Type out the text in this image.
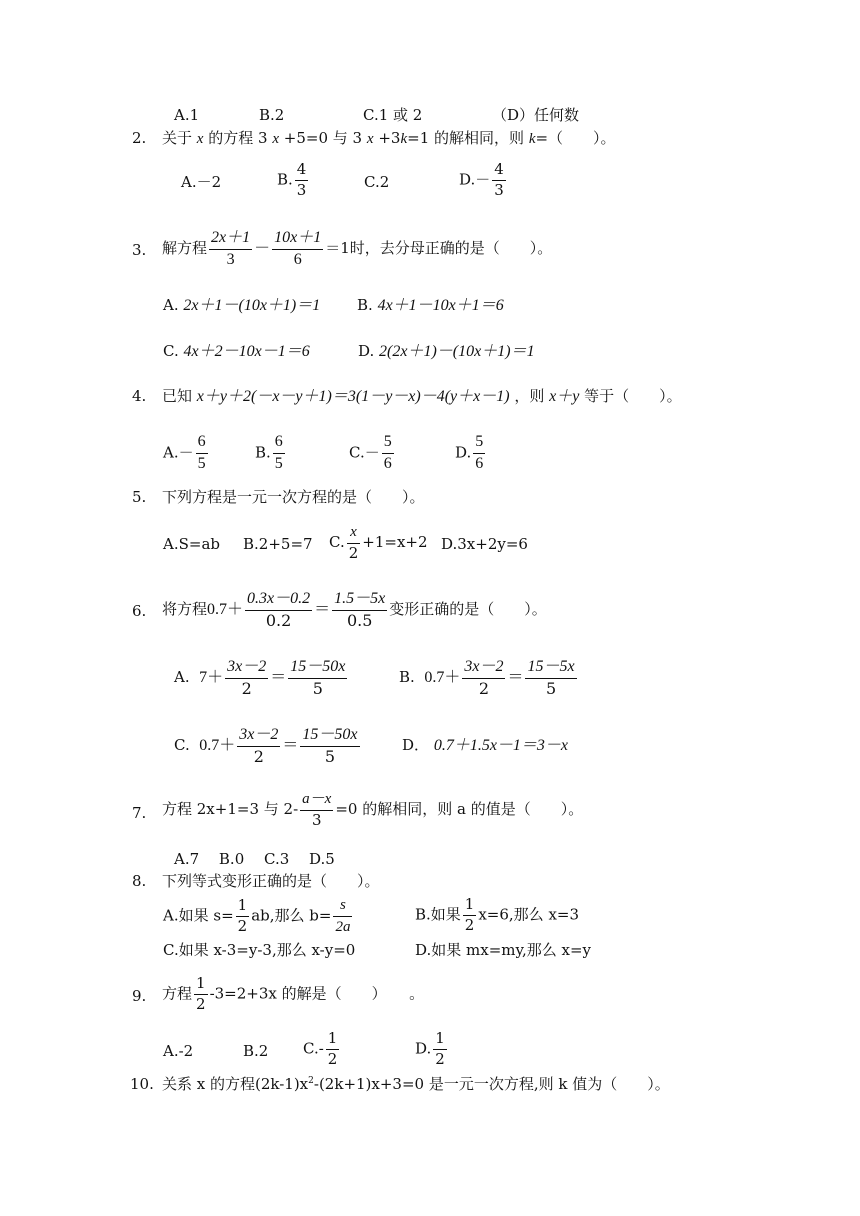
A.1	B.2	C.1 或 2	（D）任何数
2. 关于 x 的方程 3 x +5=0 与 3 x +3k=1 的解相同，则 k=（　　）。
A.－2	B. $\frac{4}{3}$	C.2	$D.- \frac{4}{3}$
3. 解方程 $\frac{2x+1}{3} - \frac{10x+1}{6} =1$时，去分母正确的是（　　）。
A. 2x＋1－(10x＋1)＝1 B. 4x＋1－10x＋1＝6
C. 4x＋2－10x－1＝6	D. 2(2x＋1)－(10x＋1)＝1
4. 已知 x＋y＋2(－x－y＋1)＝3(1－y－x)－4(y＋x－1) ，则 x＋y 等于（　　）。
$A.- \frac{6}{5}$	B. $\frac{6}{5}$	$C.- \frac{5}{6}$	D. $\frac{5}{6}$
5. 下列方程是一元一次方程的是（　　）。
A.S=ab B.2+5=7 C. $\frac{x}{2} +1=x+2$ D.3x+2y=6
6. 将方程$0.7+ \frac{0.3x-0.2}{0.2} = \frac{1.5-5x}{0.5}$ 变形正确的是（　　）。
A. $7+ \frac{3x-2}{2} = \frac{15-50x}{5}$	B. $0.7+ \frac{3x-2}{2} = \frac{15-5x}{5}$
C. $0.7+ \frac{3x-2}{2} = \frac{15-50x}{5}$	D． 0.7＋1.5x－1＝3－x
7. 方程 2x+1=3 与 $2- \frac{a-x}{3} =0$ 的解相同，则 a 的值是（　　）。
A.7　 B.0　 C.3　 D.5
8. 下列等式变形正确的是（　　）。
A.如果 $s= \frac{1}{2}$ ab,那么 $b= \frac{s}{2a}$	B.如果 $\frac{1}{2} x=6$,那么 x=3
C.如果 x-3=y-3,那么 x-y=0	D.如果 mx=my,那么 x=y
9. 方程 $\frac{1}{2} -3=2+3x$ 的解是（　　）　　。
A.-2	B.2 $C.- \frac{1}{2}$	D. $\frac{1}{2}$
10. 关系 x 的方程$(2k-1)x^2-(2k+1)x+3=0$ 是一元一次方程,则 k 值为（　　）。
